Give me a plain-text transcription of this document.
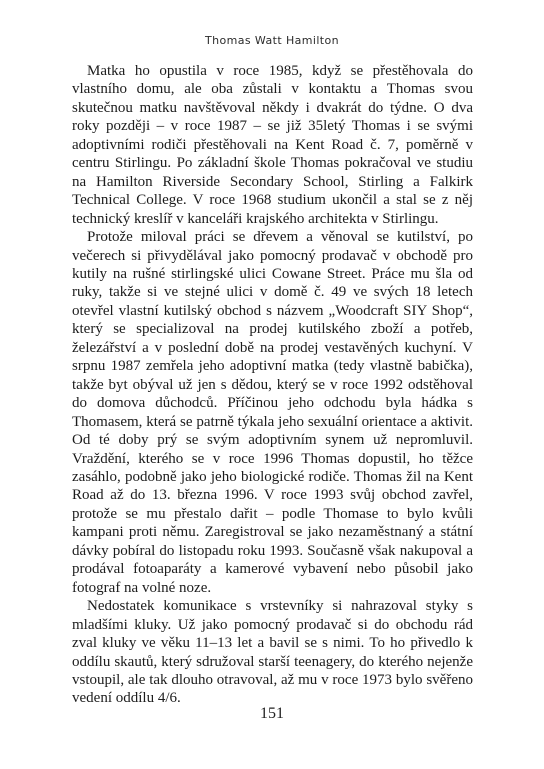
Thomas Watt Hamilton

Matka ho opustila v roce 1985, když se přestěhovala do vlastního domu, ale oba zůstali v kontaktu a Thomas svou skutečnou matku navštěvoval někdy i dvakrát do týdne. O dva roky později – v roce 1987 – se již 35letý Thomas i se svými adoptivními rodiči přestěhovali na Kent Road č. 7, poměrně v centru Stirlingu. Po základní škole Thomas pokračoval ve studiu na Hamilton Riverside Secondary School, Stirling a Falkirk Technical College. V roce 1968 studium ukončil a stal se z něj technický kreslíř v kanceláři krajského architekta v Stirlingu.

Protože miloval práci se dřevem a věnoval se kutilství, po večerech si přivydělával jako pomocný prodavač v obchodě pro kutily na rušné stirlingské ulici Cowane Street. Práce mu šla od ruky, takže si ve stejné ulici v domě č. 49 ve svých 18 letech otevřel vlastní kutilský obchod s názvem „Woodcraft SIY Shop“, který se specializoval na prodej kutilského zboží a potřeb, železářství a v poslední době na prodej vestavěných kuchyní. V srpnu 1987 zemřela jeho adoptivní matka (tedy vlastně babička), takže byt obýval už jen s dědou, který se v roce 1992 odstěhoval do domova důchodců. Příčinou jeho odchodu byla hádka s Thomasem, která se patrně týkala jeho sexuální orientace a aktivit. Od té doby prý se svým adoptivním synem už nepromluvil. Vraždění, kterého se v roce 1996 Thomas dopustil, ho těžce zasáhlo, podobně jako jeho biologické rodiče. Thomas žil na Kent Road až do 13. března 1996. V roce 1993 svůj obchod zavřel, protože se mu přestalo dařit – podle Thomase to bylo kvůli kampani proti němu. Zaregistroval se jako nezaměstnaný a státní dávky pobíral do listopadu roku 1993. Současně však nakupoval a prodával fotoaparáty a kamerové vybavení nebo působil jako fotograf na volné noze.

Nedostatek komunikace s vrstevníky si nahrazoval styky s mladšími kluky. Už jako pomocný prodavač si do obchodu rád zval kluky ve věku 11–13 let a bavil se s nimi. To ho přivedlo k oddílu skautů, který sdružoval starší teenagery, do kterého nejenže vstoupil, ale tak dlouho otravoval, až mu v roce 1973 bylo svěřeno vedení oddílu 4/6.

151
